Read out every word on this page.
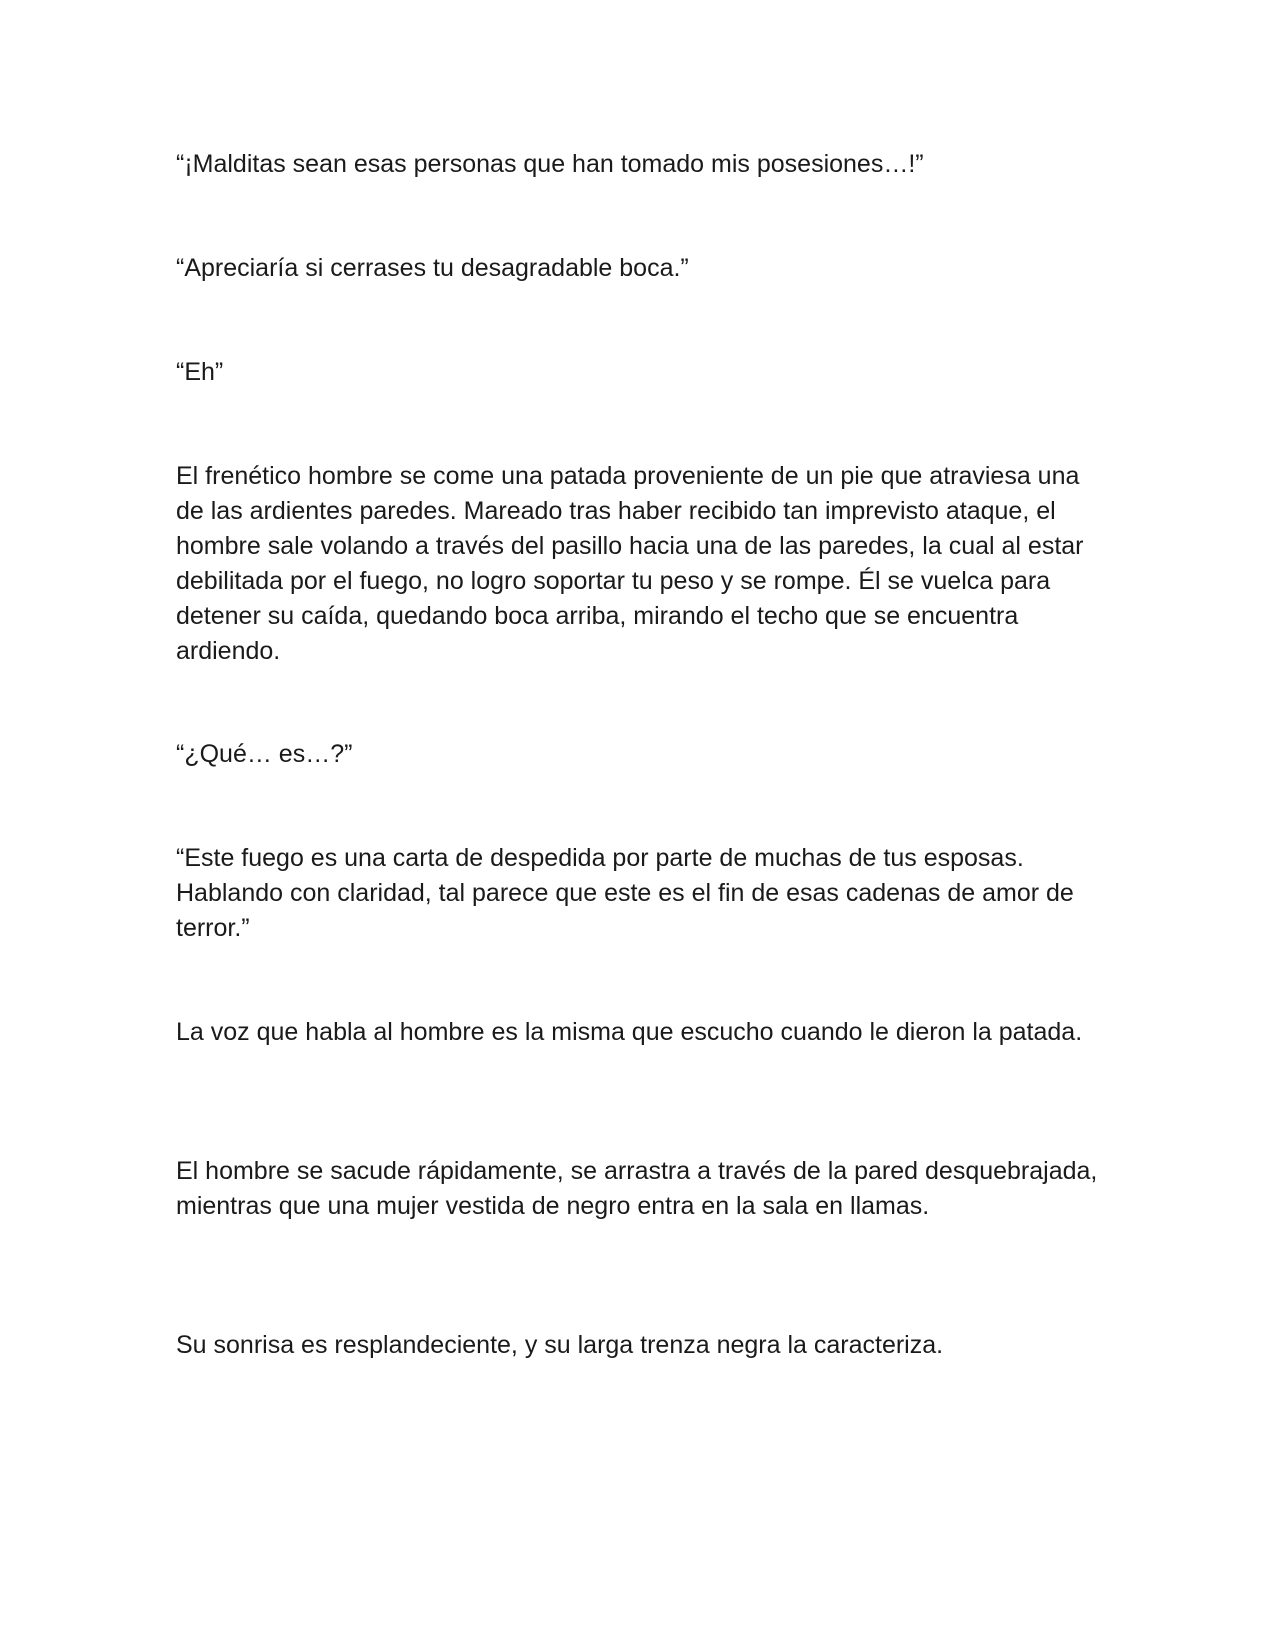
“¡Malditas sean esas personas que han tomado mis posesiones…!”

“Apreciaría si cerrases tu desagradable boca.”

“Eh”

El frenético hombre se come una patada proveniente de un pie que atraviesa una de las ardientes paredes. Mareado tras haber recibido tan imprevisto ataque, el hombre sale volando a través del pasillo hacia una de las paredes, la cual al estar debilitada por el fuego, no logro soportar tu peso y se rompe. Él se vuelca para detener su caída, quedando boca arriba, mirando el techo que se encuentra ardiendo.

“¿Qué… es…?”

“Este fuego es una carta de despedida por parte de muchas de tus esposas. Hablando con claridad, tal parece que este es el fin de esas cadenas de amor de terror.”

La voz que habla al hombre es la misma que escucho cuando le dieron la patada.

El hombre se sacude rápidamente, se arrastra a través de la pared desquebrajada, mientras que una mujer vestida de negro entra en la sala en llamas.

Su sonrisa es resplandeciente, y su larga trenza negra la caracteriza.
